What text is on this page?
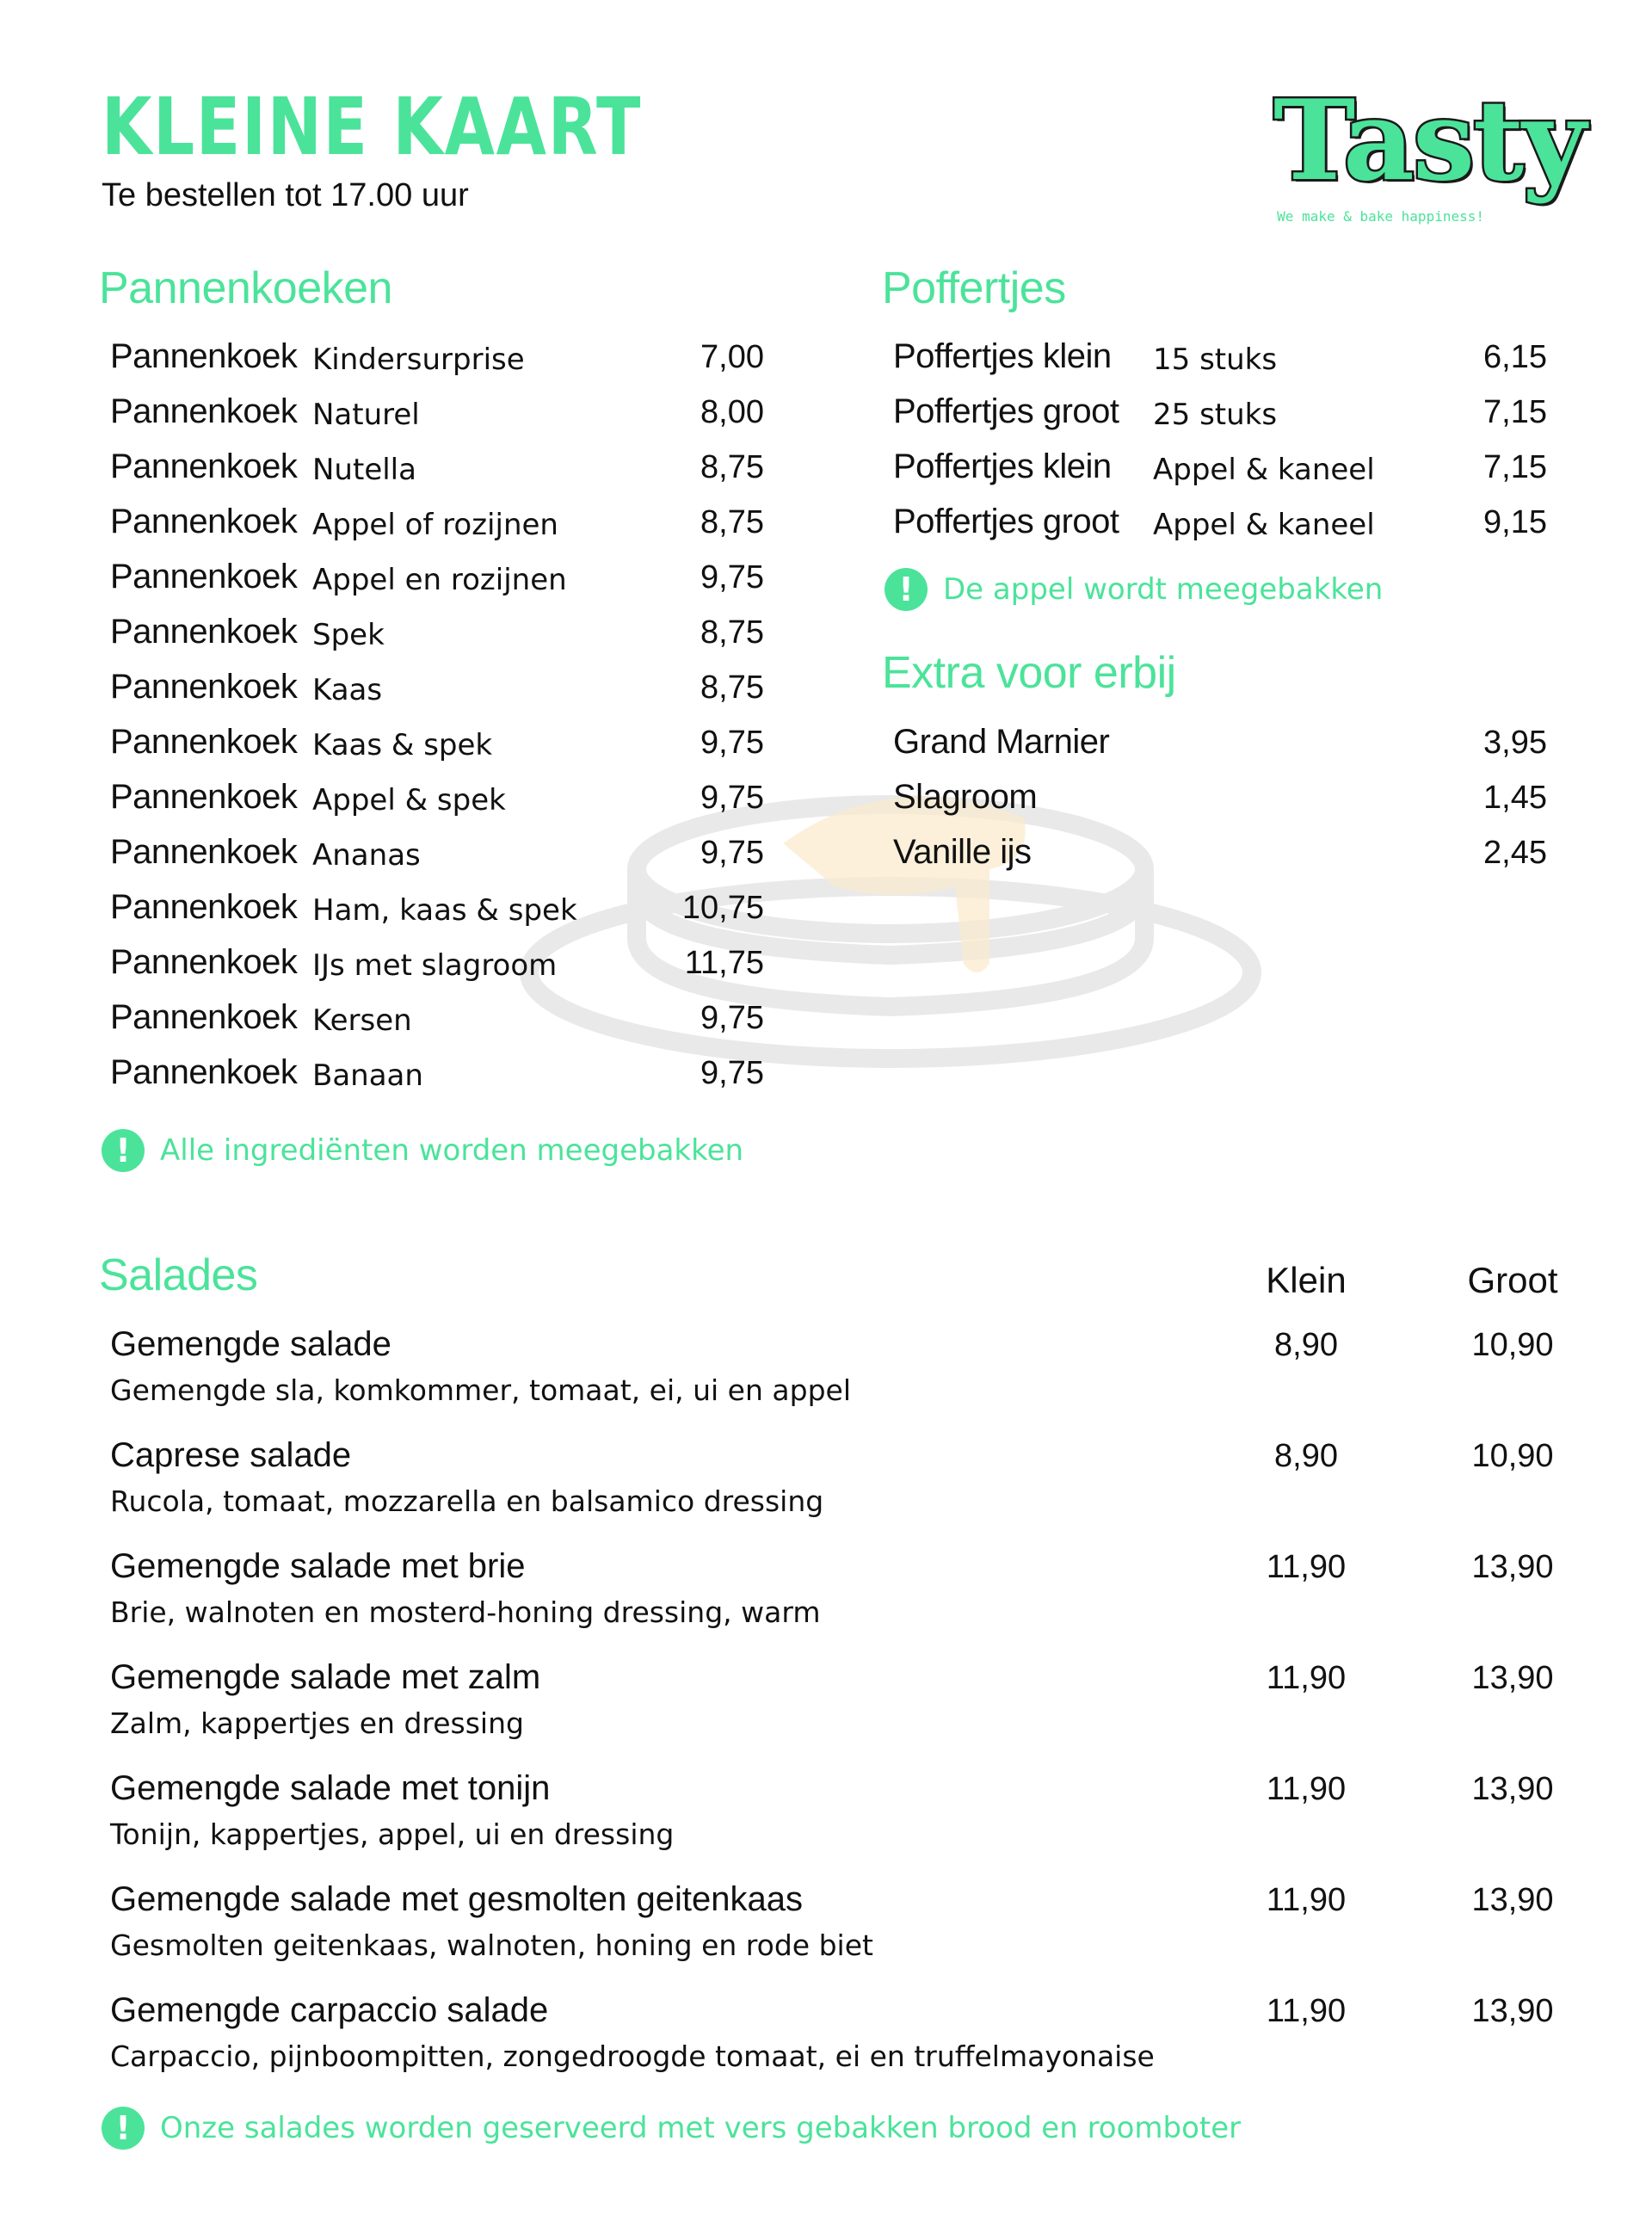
KLEINE KAART
Te bestellen tot 17.00 uur	Tasty
We make & bake happiness!
Pannenkoeken
Pannenkoek Kindersurprise	7,00
Pannenkoek Naturel	8,00
Pannenkoek Nutella	8,75
Pannenkoek Appel of rozijnen	8,75
Pannenkoek Appel en rozijnen	9,75
Pannenkoek Spek	8,75
Pannenkoek Kaas	8,75
Pannenkoek Kaas & spek	9,75
Pannenkoek Appel & spek	9,75
Pannenkoek Ananas	9,75
Pannenkoek Ham, kaas & spek	10,75
Pannenkoek IJs met slagroom	11,75
Pannenkoek Kersen	9,75
Pannenkoek Banaan	9,75
!	Alle ingrediënten worden meegebakken
Poffertjes
Poffertjes klein 15 stuks	6,15
Poffertjes groot 25 stuks	7,15
Poffertjes klein Appel & kaneel	7,15
Poffertjes groot Appel & kaneel	9,15
!	De appel wordt meegebakken
Extra voor erbij
Grand Marnier	3,95
Slagroom	1,45
Vanille ijs	2,45
Salades	Klein	Groot
Gemengde salade	8,90	10,90
Gemengde sla, komkommer, tomaat, ei, ui en appel
Caprese salade	8,90	10,90
Rucola, tomaat, mozzarella en balsamico dressing
Gemengde salade met brie	11,90	13,90
Brie, walnoten en mosterd-honing dressing, warm
Gemengde salade met zalm	11,90	13,90
Zalm, kappertjes en dressing
Gemengde salade met tonijn	11,90	13,90
Tonijn, kappertjes, appel, ui en dressing
Gemengde salade met gesmolten geitenkaas	11,90	13,90
Gesmolten geitenkaas, walnoten, honing en rode biet
Gemengde carpaccio salade	11,90	13,90
Carpaccio, pijnboompitten, zongedroogde tomaat, ei en truffelmayonaise
!	Onze salades worden geserveerd met vers gebakken brood en roomboter
